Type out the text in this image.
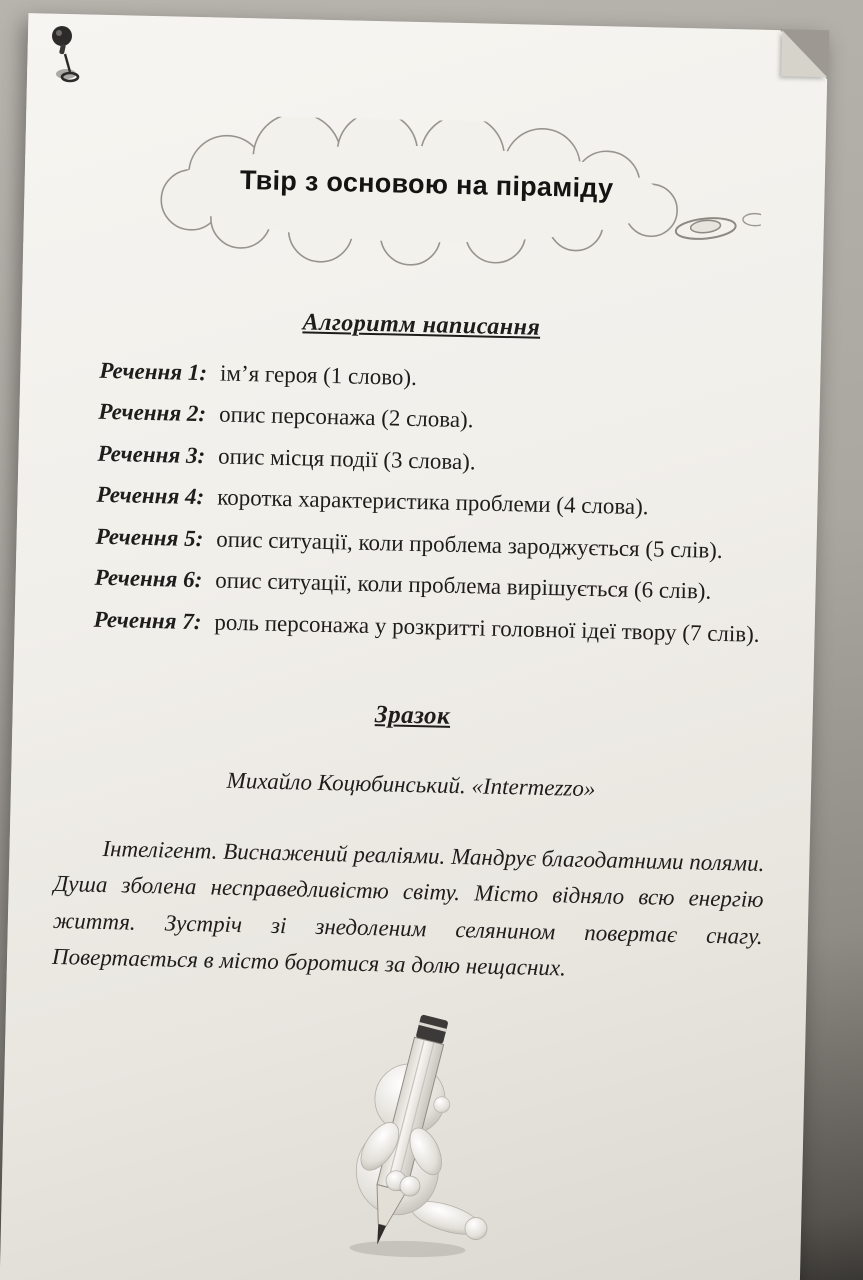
Твір з основою на піраміду
Алгоритм написання
Речення 1: ім’я героя (1 слово).
Речення 2: опис персонажа (2 слова).
Речення 3: опис місця події (3 слова).
Речення 4: коротка характеристика проблеми (4 слова).
Речення 5: опис ситуації, коли проблема зароджується (5 слів).
Речення 6: опис ситуації, коли проблема вирішується (6 слів).
Речення 7: роль персонажа у розкритті головної ідеї твору (7 слів).
Зразок
Михайло Коцюбинський. «Intermezzo»
Інтелігент. Виснажений реаліями. Мандрує благодатними полями. Душа зболена несправедливістю світу. Місто відняло всю енергію життя. Зустріч зі знедоленим селянином повертає снагу. Повертається в місто боротися за долю нещасних.
